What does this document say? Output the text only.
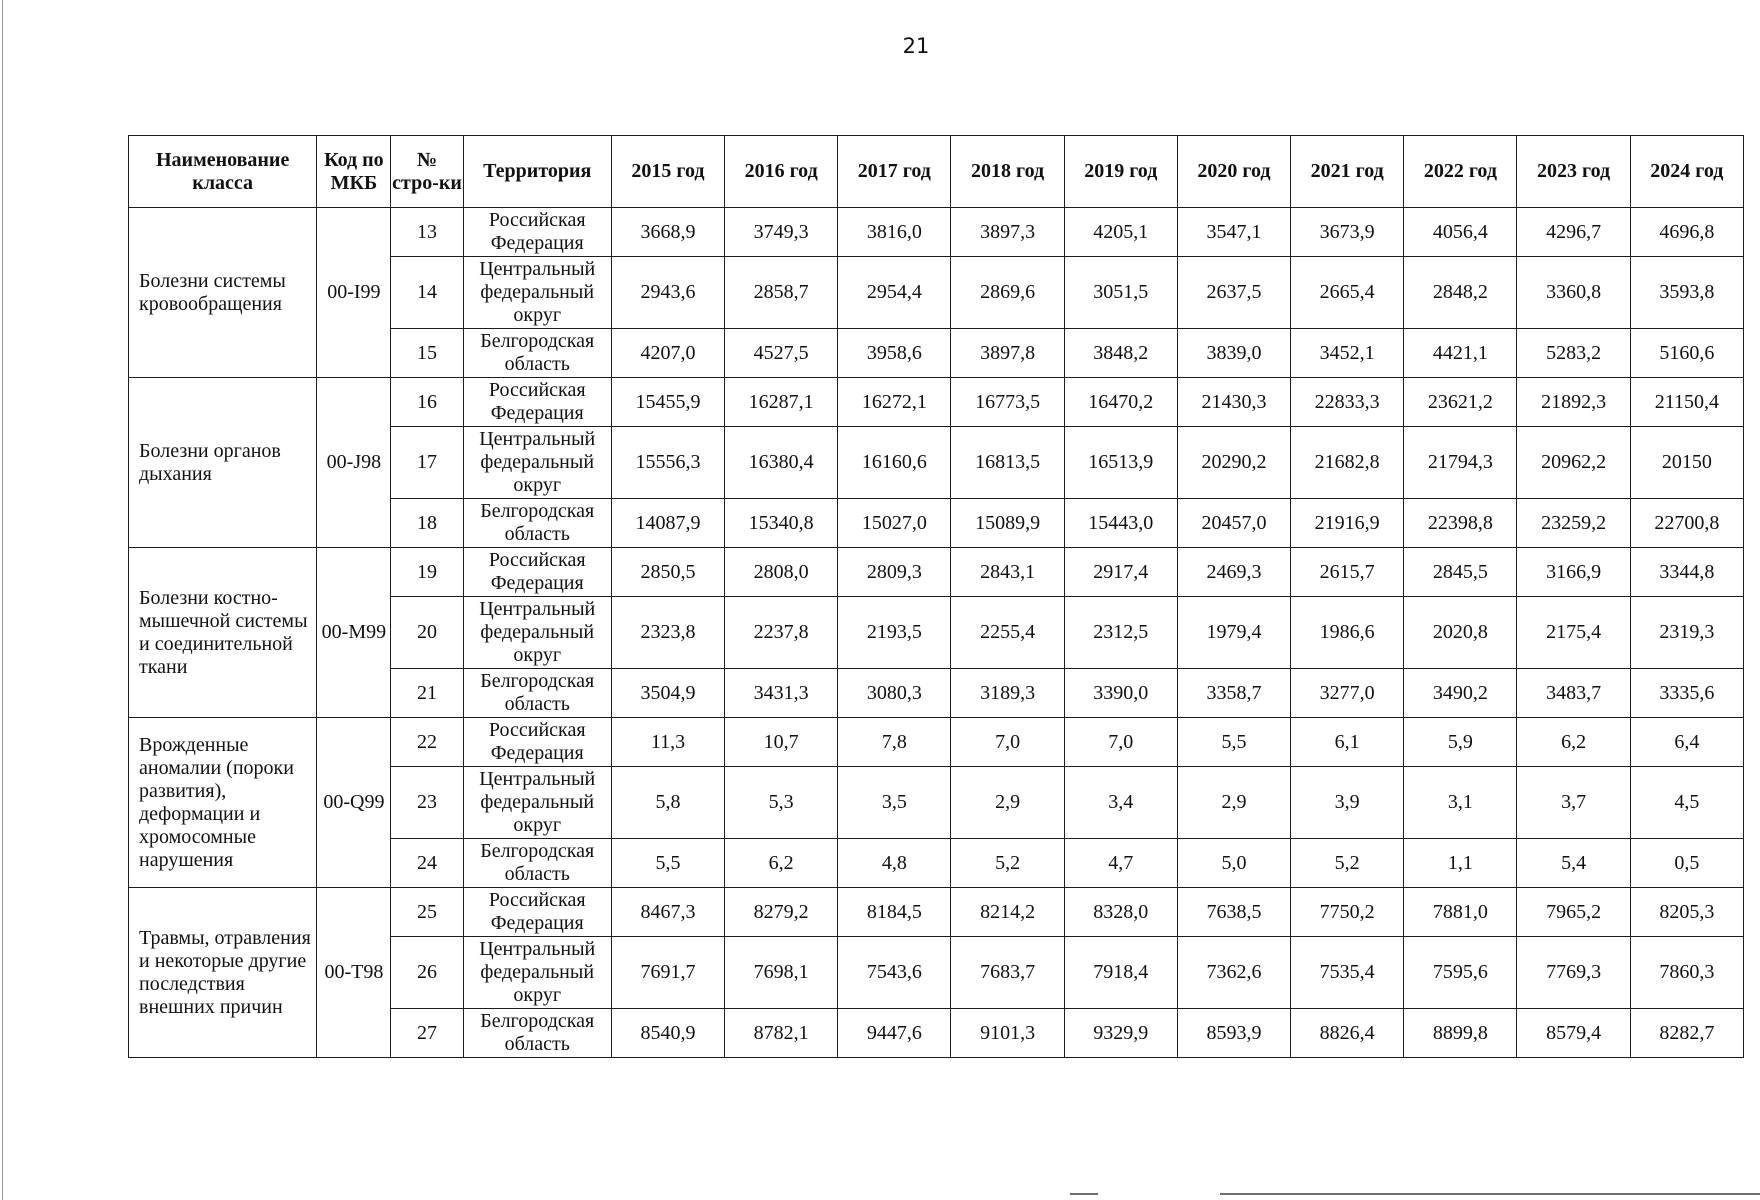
21
Наименование класса	Код по МКБ	№ стро-ки	Территория	2015 год	2016 год	2017 год	2018 год	2019 год	2020 год	2021 год	2022 год	2023 год	2024 год
Болезни системы кровообращения	00-I99	13	Российская Федерация	3668,9	3749,3	3816,0	3897,3	4205,1	3547,1	3673,9	4056,4	4296,7	4696,8
		14	Центральный федеральный округ	2943,6	2858,7	2954,4	2869,6	3051,5	2637,5	2665,4	2848,2	3360,8	3593,8
		15	Белгородская область	4207,0	4527,5	3958,6	3897,8	3848,2	3839,0	3452,1	4421,1	5283,2	5160,6
Болезни органов дыхания	00-J98	16	Российская Федерация	15455,9	16287,1	16272,1	16773,5	16470,2	21430,3	22833,3	23621,2	21892,3	21150,4
		17	Центральный федеральный округ	15556,3	16380,4	16160,6	16813,5	16513,9	20290,2	21682,8	21794,3	20962,2	20150
		18	Белгородская область	14087,9	15340,8	15027,0	15089,9	15443,0	20457,0	21916,9	22398,8	23259,2	22700,8
Болезни костно-мышечной системы и соединительной ткани	00-M99	19	Российская Федерация	2850,5	2808,0	2809,3	2843,1	2917,4	2469,3	2615,7	2845,5	3166,9	3344,8
		20	Центральный федеральный округ	2323,8	2237,8	2193,5	2255,4	2312,5	1979,4	1986,6	2020,8	2175,4	2319,3
		21	Белгородская область	3504,9	3431,3	3080,3	3189,3	3390,0	3358,7	3277,0	3490,2	3483,7	3335,6
Врожденные аномалии (пороки развития), деформации и хромосомные нарушения	00-Q99	22	Российская Федерация	11,3	10,7	7,8	7,0	7,0	5,5	6,1	5,9	6,2	6,4
		23	Центральный федеральный округ	5,8	5,3	3,5	2,9	3,4	2,9	3,9	3,1	3,7	4,5
		24	Белгородская область	5,5	6,2	4,8	5,2	4,7	5,0	5,2	1,1	5,4	0,5
Травмы, отравления и некоторые другие последствия внешних причин	00-T98	25	Российская Федерация	8467,3	8279,2	8184,5	8214,2	8328,0	7638,5	7750,2	7881,0	7965,2	8205,3
		26	Центральный федеральный округ	7691,7	7698,1	7543,6	7683,7	7918,4	7362,6	7535,4	7595,6	7769,3	7860,3
		27	Белгородская область	8540,9	8782,1	9447,6	9101,3	9329,9	8593,9	8826,4	8899,8	8579,4	8282,7
